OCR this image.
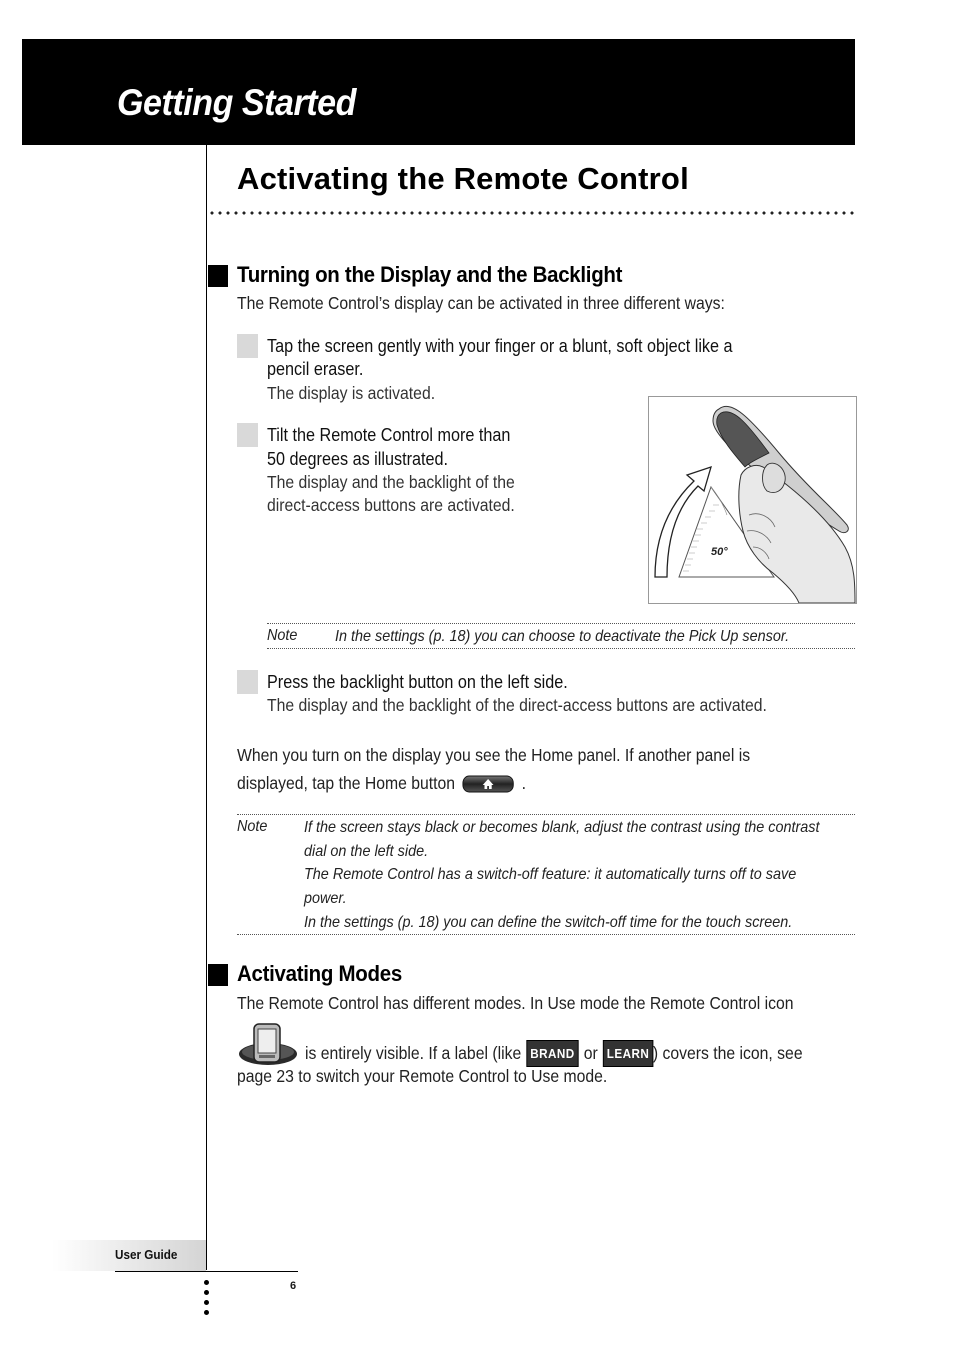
Getting Started
Activating the Remote Control
Turning on the Display and the Backlight
The Remote Control’s display can be activated in three different ways:
Tap the screen gently with your finger or a blunt, soft object like a
pencil eraser.
The display is activated.
Tilt the Remote Control more than
50 degrees as illustrated.
The display and the backlight of the
direct-access buttons are activated.
50°
Note In the settings (p. 18) you can choose to deactivate the Pick Up sensor.
Press the backlight button on the left side.
The display and the backlight of the direct-access buttons are activated.
When you turn on the display you see the Home panel. If another panel is
displayed, tap the Home button	.
Note If the screen stays black or becomes blank, adjust the contrast using the contrast
dial on the left side.
The Remote Control has a switch-off feature: it automatically turns off to save
power.
In the settings (p. 18) you can define the switch-off time for the touch screen.
Activating Modes
The Remote Control has different modes. In Use mode the Remote Control icon
is entirely visible. If a label (like BRAND or LEARN ) covers the icon, see
page 23 to switch your Remote Control to Use mode.
User Guide
6
